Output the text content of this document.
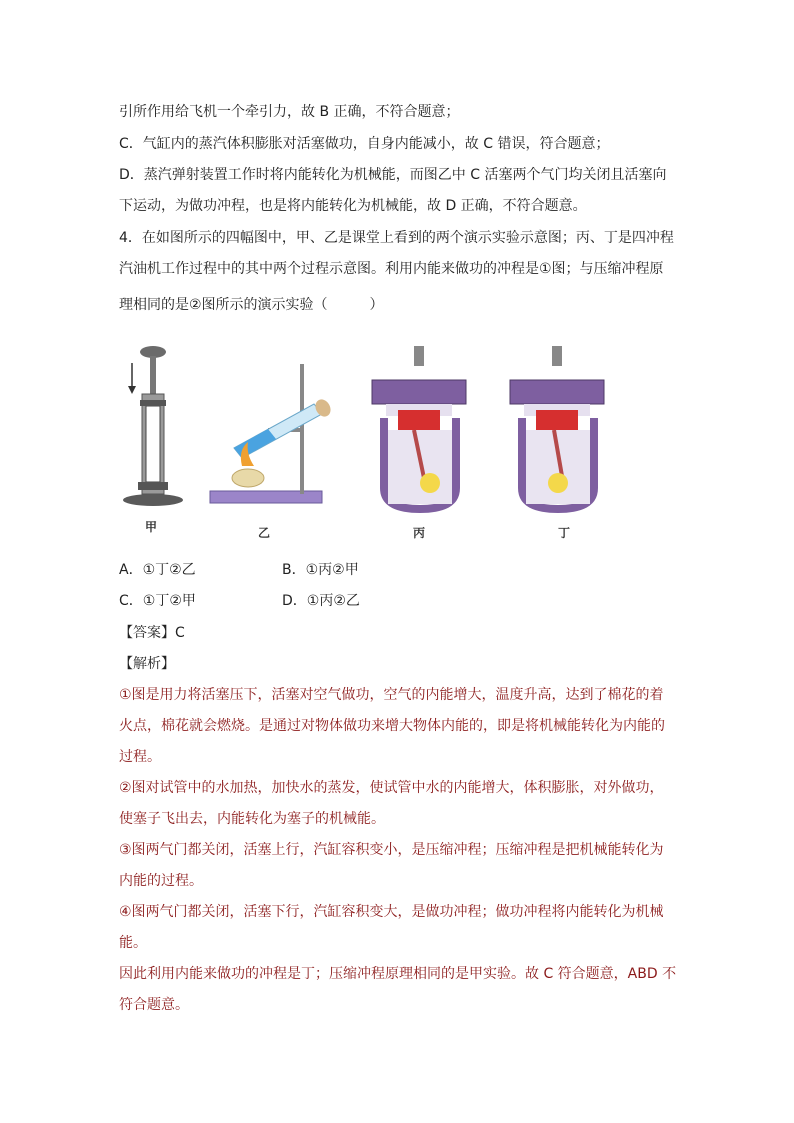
引所作用给飞机一个牵引力，故 B 正确，不符合题意；
C．气缸内的蒸汽体积膨胀对活塞做功，自身内能减小，故 C 错误，符合题意；
D．蒸汽弹射装置工作时将内能转化为机械能，而图乙中 C 活塞两个气门均关闭且活塞向
下运动，为做功冲程，也是将内能转化为机械能，故 D 正确，不符合题意。
4．在如图所示的四幅图中，甲、乙是课堂上看到的两个演示实验示意图；丙、丁是四冲程
汽油机工作过程中的其中两个过程示意图。利用内能来做功的冲程是①图；与压缩冲程原
理相同的是②图所示的演示实验（　　　）
甲	乙	丙	丁
A．①丁②乙	B．①丙②甲
C．①丁②甲	D．①丙②乙
【答案】C
【解析】
①图是用力将活塞压下，活塞对空气做功，空气的内能增大，温度升高，达到了棉花的着
火点，棉花就会燃烧。是通过对物体做功来增大物体内能的，即是将机械能转化为内能的
过程。
②图对试管中的水加热，加快水的蒸发，使试管中水的内能增大，体积膨胀，对外做功，
使塞子飞出去，内能转化为塞子的机械能。
③图两气门都关闭，活塞上行，汽缸容积变小，是压缩冲程；压缩冲程是把机械能转化为
内能的过程。
④图两气门都关闭，活塞下行，汽缸容积变大，是做功冲程；做功冲程将内能转化为机械
能。
因此利用内能来做功的冲程是丁；压缩冲程原理相同的是甲实验。故 C 符合题意，ABD 不
符合题意。
